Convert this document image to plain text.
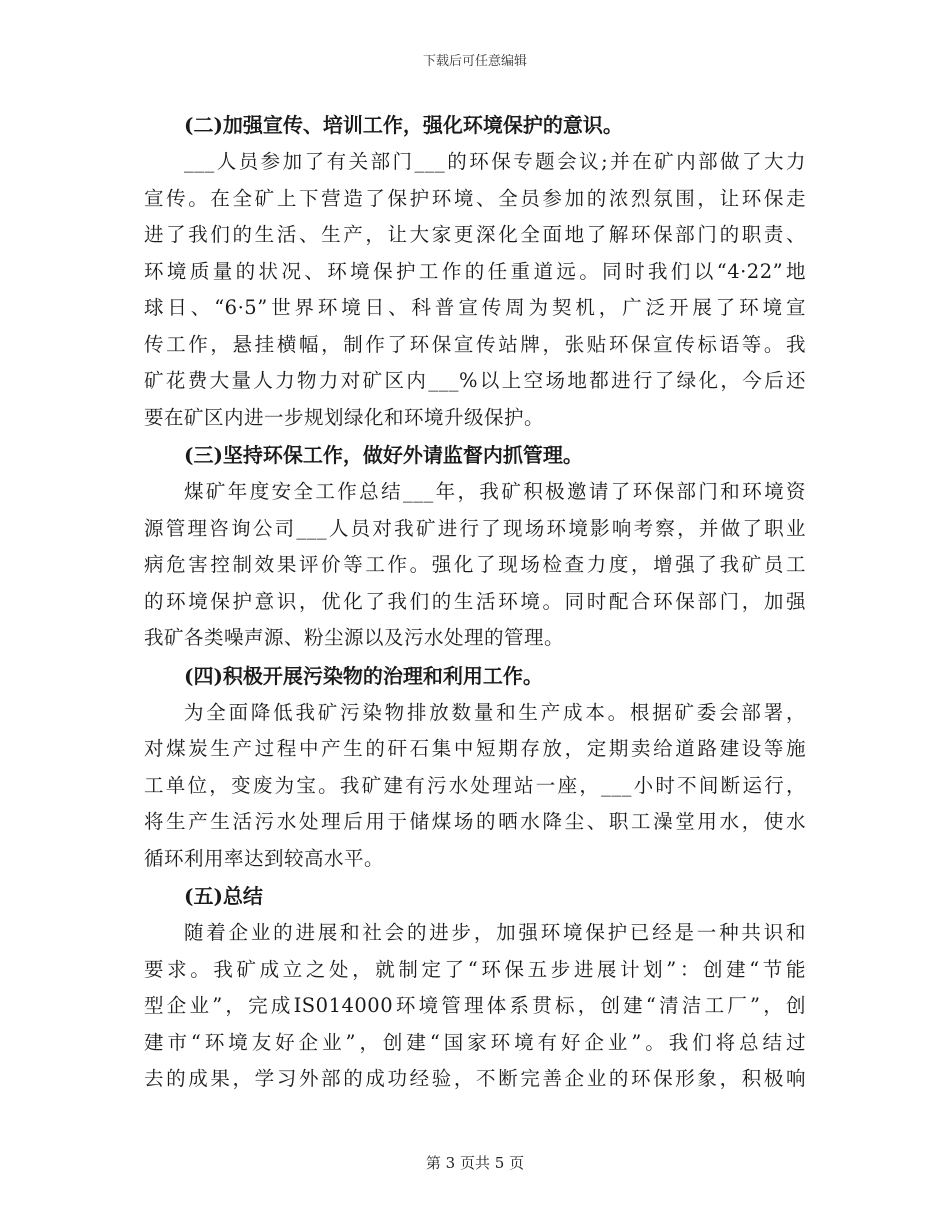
下载后可任意编辑
(二)加强宣传、培训工作，强化环境保护的意识。
___人员参加了有关部门___的环保专题会议;并在矿内部做了大力
宣传。在全矿上下营造了保护环境、全员参加的浓烈氛围，让环保走
进了我们的生活、生产，让大家更深化全面地了解环保部门的职责、
环境质量的状况、环境保护工作的任重道远。同时我们以“4·22”地
球日、“6·5”世界环境日、科普宣传周为契机，广泛开展了环境宣
传工作，悬挂横幅，制作了环保宣传站牌，张贴环保宣传标语等。我
矿花费大量人力物力对矿区内___%以上空场地都进行了绿化，今后还
要在矿区内进一步规划绿化和环境升级保护。
(三)坚持环保工作，做好外请监督内抓管理。
煤矿年度安全工作总结___年，我矿积极邀请了环保部门和环境资
源管理咨询公司___人员对我矿进行了现场环境影响考察，并做了职业
病危害控制效果评价等工作。强化了现场检查力度，增强了我矿员工
的环境保护意识，优化了我们的生活环境。同时配合环保部门，加强
我矿各类噪声源、粉尘源以及污水处理的管理。
(四)积极开展污染物的治理和利用工作。
为全面降低我矿污染物排放数量和生产成本。根据矿委会部署，
对煤炭生产过程中产生的矸石集中短期存放，定期卖给道路建设等施
工单位，变废为宝。我矿建有污水处理站一座，___小时不间断运行，
将生产生活污水处理后用于储煤场的晒水降尘、职工澡堂用水，使水
循环利用率达到较高水平。
(五)总结
随着企业的进展和社会的进步，加强环境保护已经是一种共识和
要求。我矿成立之处，就制定了“环保五步进展计划”：创建“节能
型企业”，完成IS014000环境管理体系贯标，创建“清洁工厂”，创
建市“环境友好企业”，创建“国家环境有好企业”。我们将总结过
去的成果，学习外部的成功经验，不断完善企业的环保形象，积极响
第 3 页共 5 页
